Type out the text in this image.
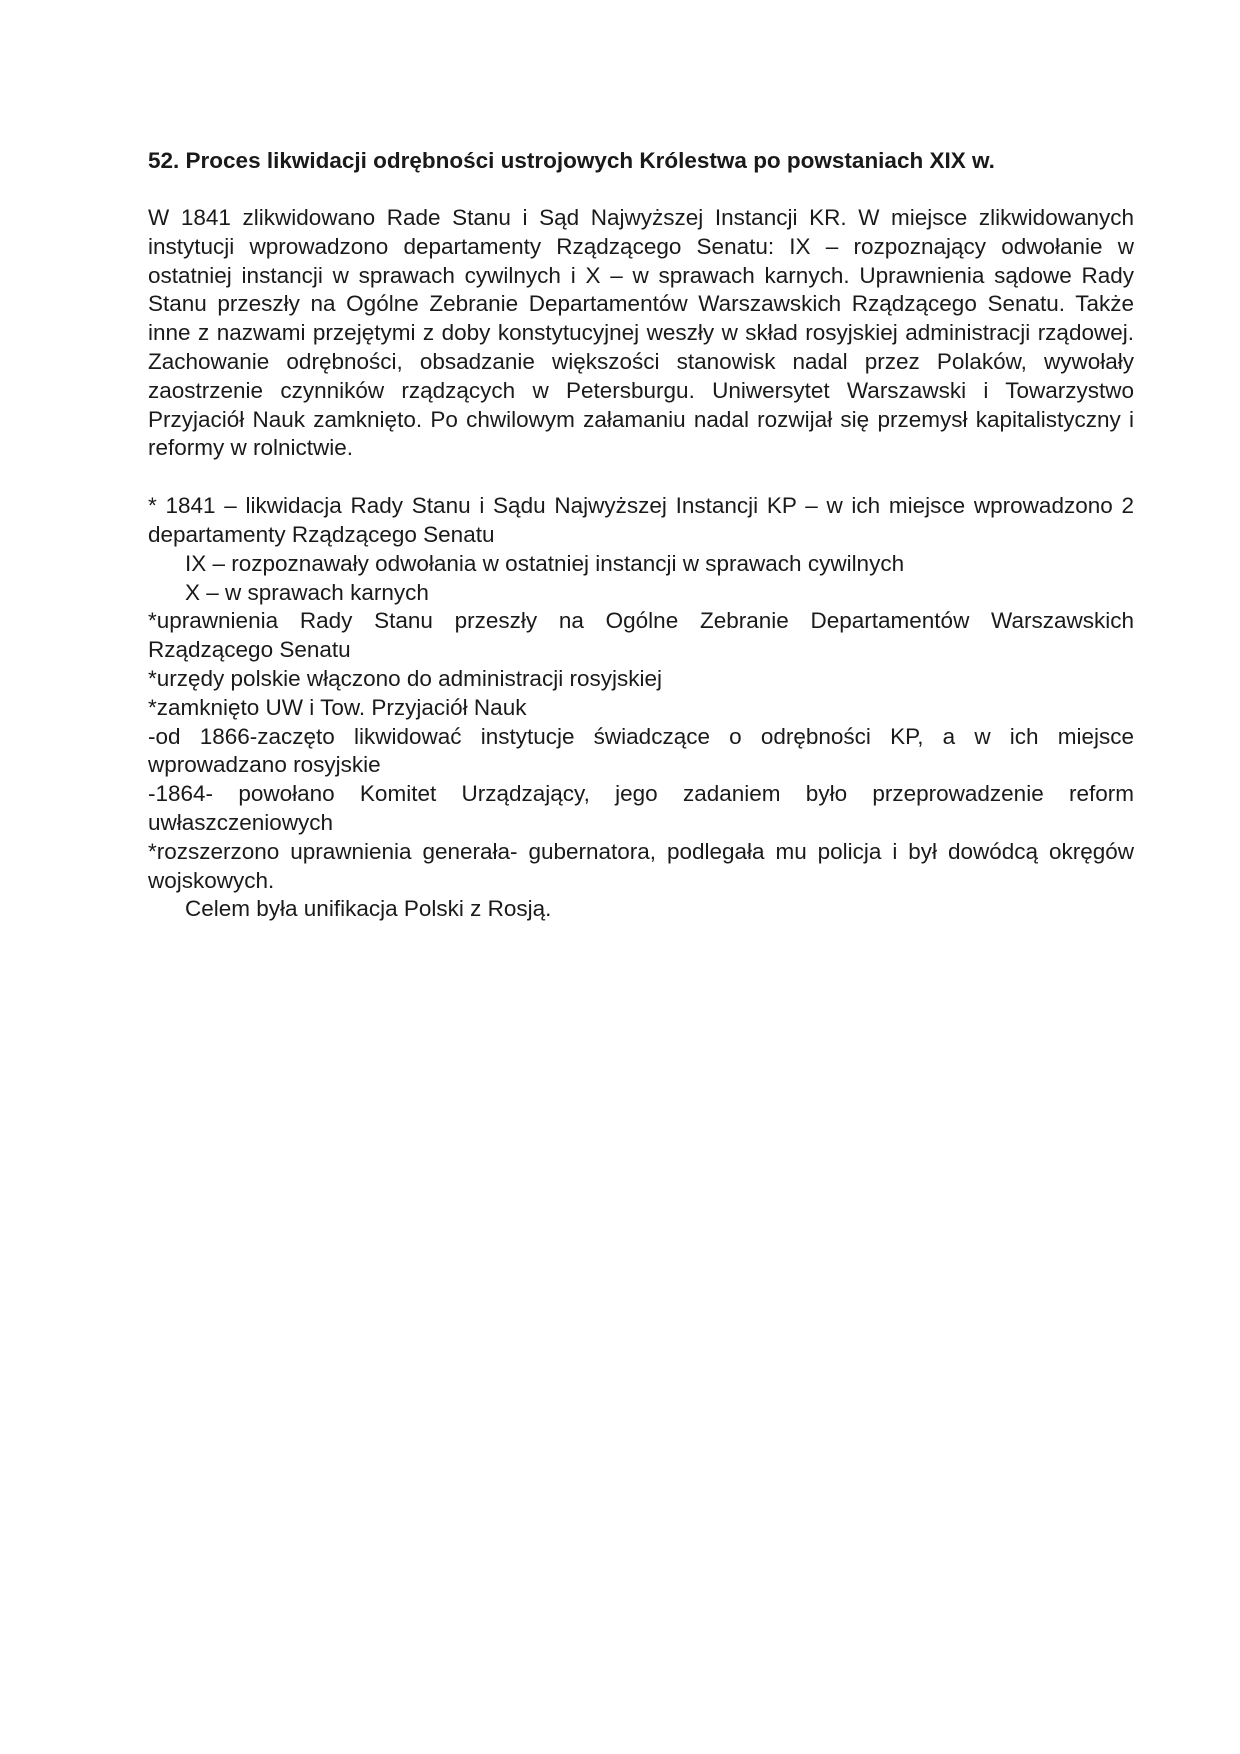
52. Proces likwidacji odrębności ustrojowych Królestwa po powstaniach XIX w.

W 1841 zlikwidowano Rade Stanu i Sąd Najwyższej Instancji KR. W miejsce zlikwidowanych instytucji wprowadzono departamenty Rządzącego Senatu: IX – rozpoznający odwołanie w ostatniej instancji w sprawach cywilnych i X – w sprawach karnych. Uprawnienia sądowe Rady Stanu przeszły na Ogólne Zebranie Departamentów Warszawskich Rządzącego Senatu. Także inne z nazwami przejętymi z doby konstytucyjnej weszły w skład rosyjskiej administracji rządowej. Zachowanie odrębności, obsadzanie większości stanowisk nadal przez Polaków, wywołały zaostrzenie czynników rządzących w Petersburgu. Uniwersytet Warszawski i Towarzystwo Przyjaciół Nauk zamknięto. Po chwilowym załamaniu nadal rozwijał się przemysł kapitalistyczny i reformy w rolnictwie.

* 1841 – likwidacja Rady Stanu i Sądu Najwyższej Instancji KP – w ich miejsce wprowadzono 2 departamenty Rządzącego Senatu

IX – rozpoznawały odwołania w ostatniej instancji w sprawach cywilnych

X – w sprawach karnych

*uprawnienia Rady Stanu przeszły na Ogólne Zebranie Departamentów Warszawskich Rządzącego Senatu

*urzędy polskie włączono do administracji rosyjskiej

*zamknięto UW i Tow. Przyjaciół Nauk

-od 1866-zaczęto likwidować instytucje świadczące o odrębności KP, a w ich miejsce wprowadzano rosyjskie

-1864- powołano Komitet Urządzający, jego zadaniem było przeprowadzenie reform uwłaszczeniowych

*rozszerzono uprawnienia generała- gubernatora, podlegała mu policja i był dowódcą okręgów wojskowych.

Celem była unifikacja Polski z Rosją.
